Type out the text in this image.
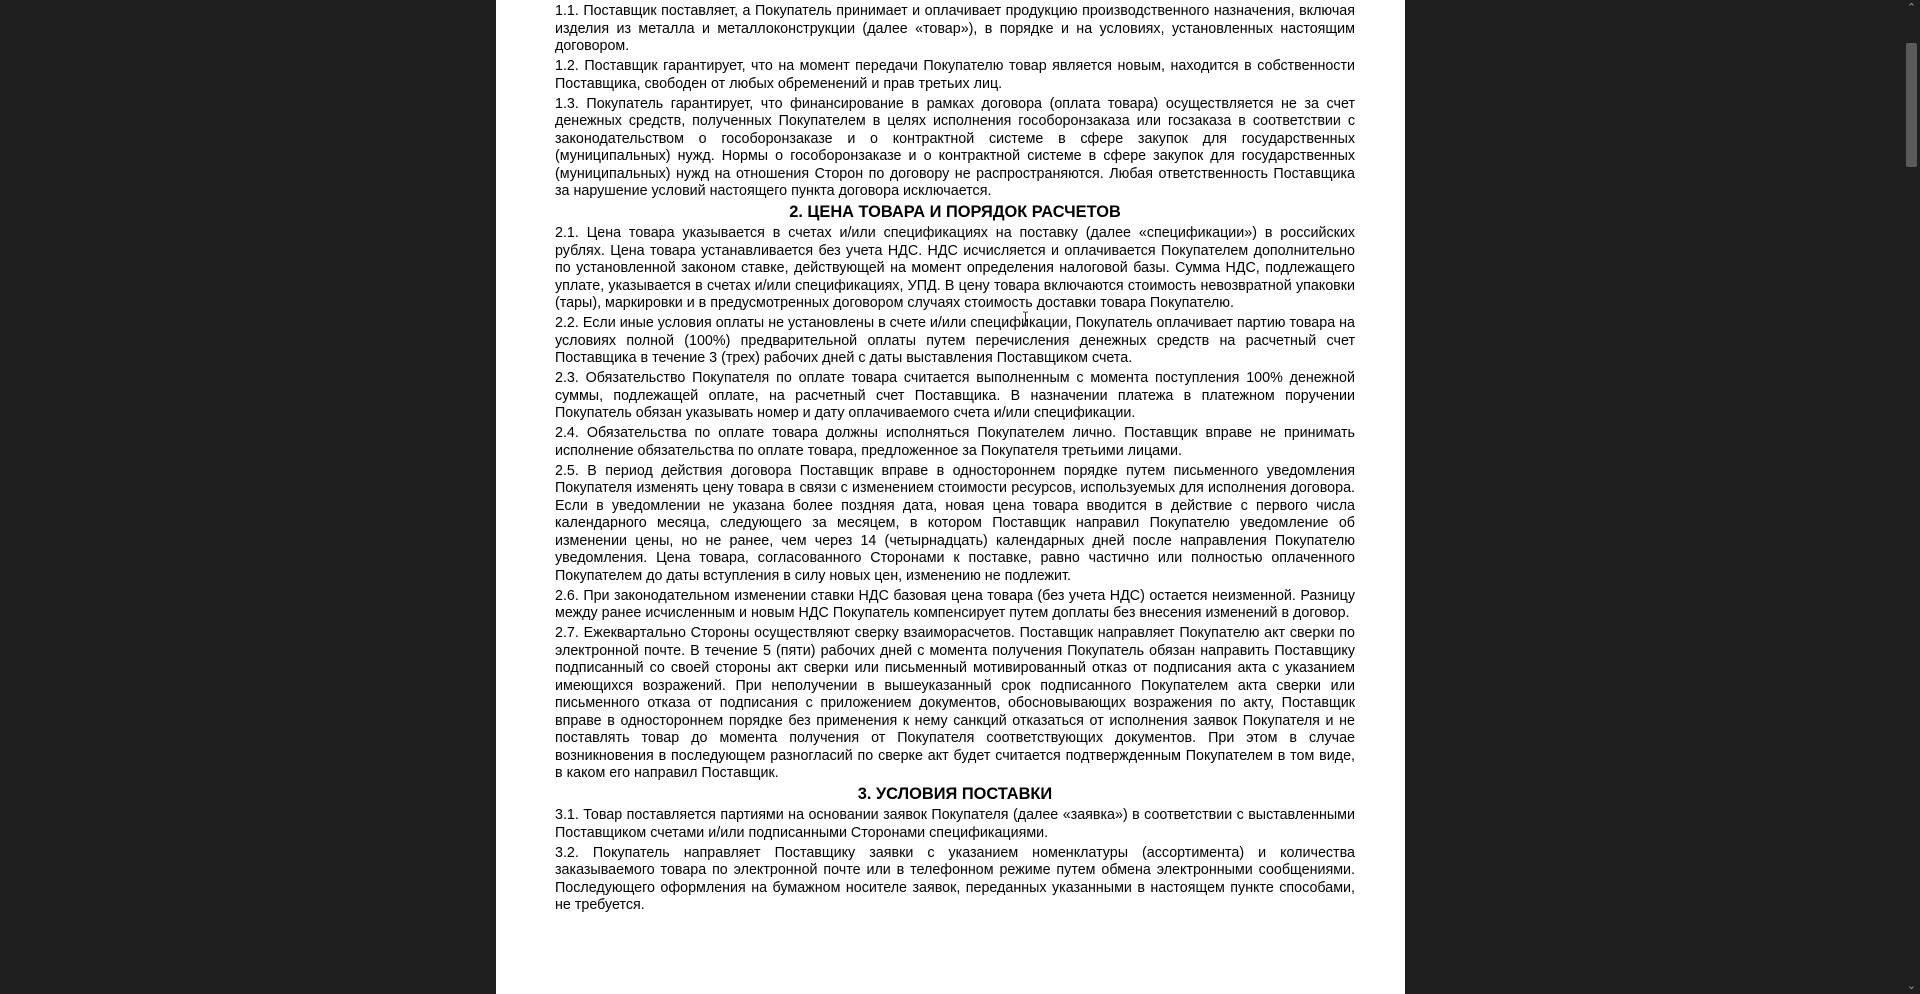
1.1. Поставщик поставляет, а Покупатель принимает и оплачивает продукцию производственного назначения, включая изделия из металла и металлоконструкции (далее «товар»), в порядке и на условиях, установленных настоящим договором.

1.2. Поставщик гарантирует, что на момент передачи Покупателю товар является новым, находится в собственности Поставщика, свободен от любых обременений и прав третьих лиц.

1.3. Покупатель гарантирует, что финансирование в рамках договора (оплата товара) осуществляется не за счет денежных средств, полученных Покупателем в целях исполнения гособоронзаказа или госзаказа в соответствии с законодательством о гособоронзаказе и о контрактной системе в сфере закупок для государственных (муниципальных) нужд. Нормы о гособоронзаказе и о контрактной системе в сфере закупок для государственных (муниципальных) нужд на отношения Сторон по договору не распространяются. Любая ответственность Поставщика за нарушение условий настоящего пункта договора исключается.

2. ЦЕНА ТОВАРА И ПОРЯДОК РАСЧЕТОВ

2.1. Цена товара указывается в счетах и/или спецификациях на поставку (далее «спецификации») в российских рублях. Цена товара устанавливается без учета НДС. НДС исчисляется и оплачивается Покупателем дополнительно по установленной законом ставке, действующей на момент определения налоговой базы. Сумма НДС, подлежащего уплате, указывается в счетах и/или спецификациях, УПД. В цену товара включаются стоимость невозвратной упаковки (тары), маркировки и в предусмотренных договором случаях стоимость доставки товара Покупателю.

2.2. Если иные условия оплаты не установлены в счете и/или спецификации, Покупатель оплачивает партию товара на условиях полной (100%) предварительной оплаты путем перечисления денежных средств на расчетный счет Поставщика в течение 3 (трех) рабочих дней с даты выставления Поставщиком счета.

2.3. Обязательство Покупателя по оплате товара считается выполненным с момента поступления 100% денежной суммы, подлежащей оплате, на расчетный счет Поставщика. В назначении платежа в платежном поручении Покупатель обязан указывать номер и дату оплачиваемого счета и/или спецификации.

2.4. Обязательства по оплате товара должны исполняться Покупателем лично. Поставщик вправе не принимать исполнение обязательства по оплате товара, предложенное за Покупателя третьими лицами.

2.5. В период действия договора Поставщик вправе в одностороннем порядке путем письменного уведомления Покупателя изменять цену товара в связи с изменением стоимости ресурсов, используемых для исполнения договора. Если в уведомлении не указана более поздняя дата, новая цена товара вводится в действие с первого числа календарного месяца, следующего за месяцем, в котором Поставщик направил Покупателю уведомление об изменении цены, но не ранее, чем через 14 (четырнадцать) календарных дней после направления Покупателю уведомления. Цена товара, согласованного Сторонами к поставке, равно частично или полностью оплаченного Покупателем до даты вступления в силу новых цен, изменению не подлежит.

2.6. При законодательном изменении ставки НДС базовая цена товара (без учета НДС) остается неизменной. Разницу между ранее исчисленным и новым НДС Покупатель компенсирует путем доплаты без внесения изменений в договор.

2.7. Ежеквартально Стороны осуществляют сверку взаиморасчетов. Поставщик направляет Покупателю акт сверки по электронной почте. В течение 5 (пяти) рабочих дней с момента получения Покупатель обязан направить Поставщику подписанный со своей стороны акт сверки или письменный мотивированный отказ от подписания акта с указанием имеющихся возражений. При неполучении в вышеуказанный срок подписанного Покупателем акта сверки или письменного отказа от подписания с приложением документов, обосновывающих возражения по акту, Поставщик вправе в одностороннем порядке без применения к нему санкций отказаться от исполнения заявок Покупателя и не поставлять товар до момента получения от Покупателя соответствующих документов. При этом в случае возникновения в последующем разногласий по сверке акт будет считается подтвержденным Покупателем в том виде, в каком его направил Поставщик.

3. УСЛОВИЯ ПОСТАВКИ

3.1. Товар поставляется партиями на основании заявок Покупателя (далее «заявка») в соответствии с выставленными Поставщиком счетами и/или подписанными Сторонами спецификациями.

3.2. Покупатель направляет Поставщику заявки с указанием номенклатуры (ассортимента) и количества заказываемого товара по электронной почте или в телефонном режиме путем обмена электронными сообщениями. Последующего оформления на бумажном носителе заявок, переданных указанными в настоящем пункте способами, не требуется.

⌃
⌄
